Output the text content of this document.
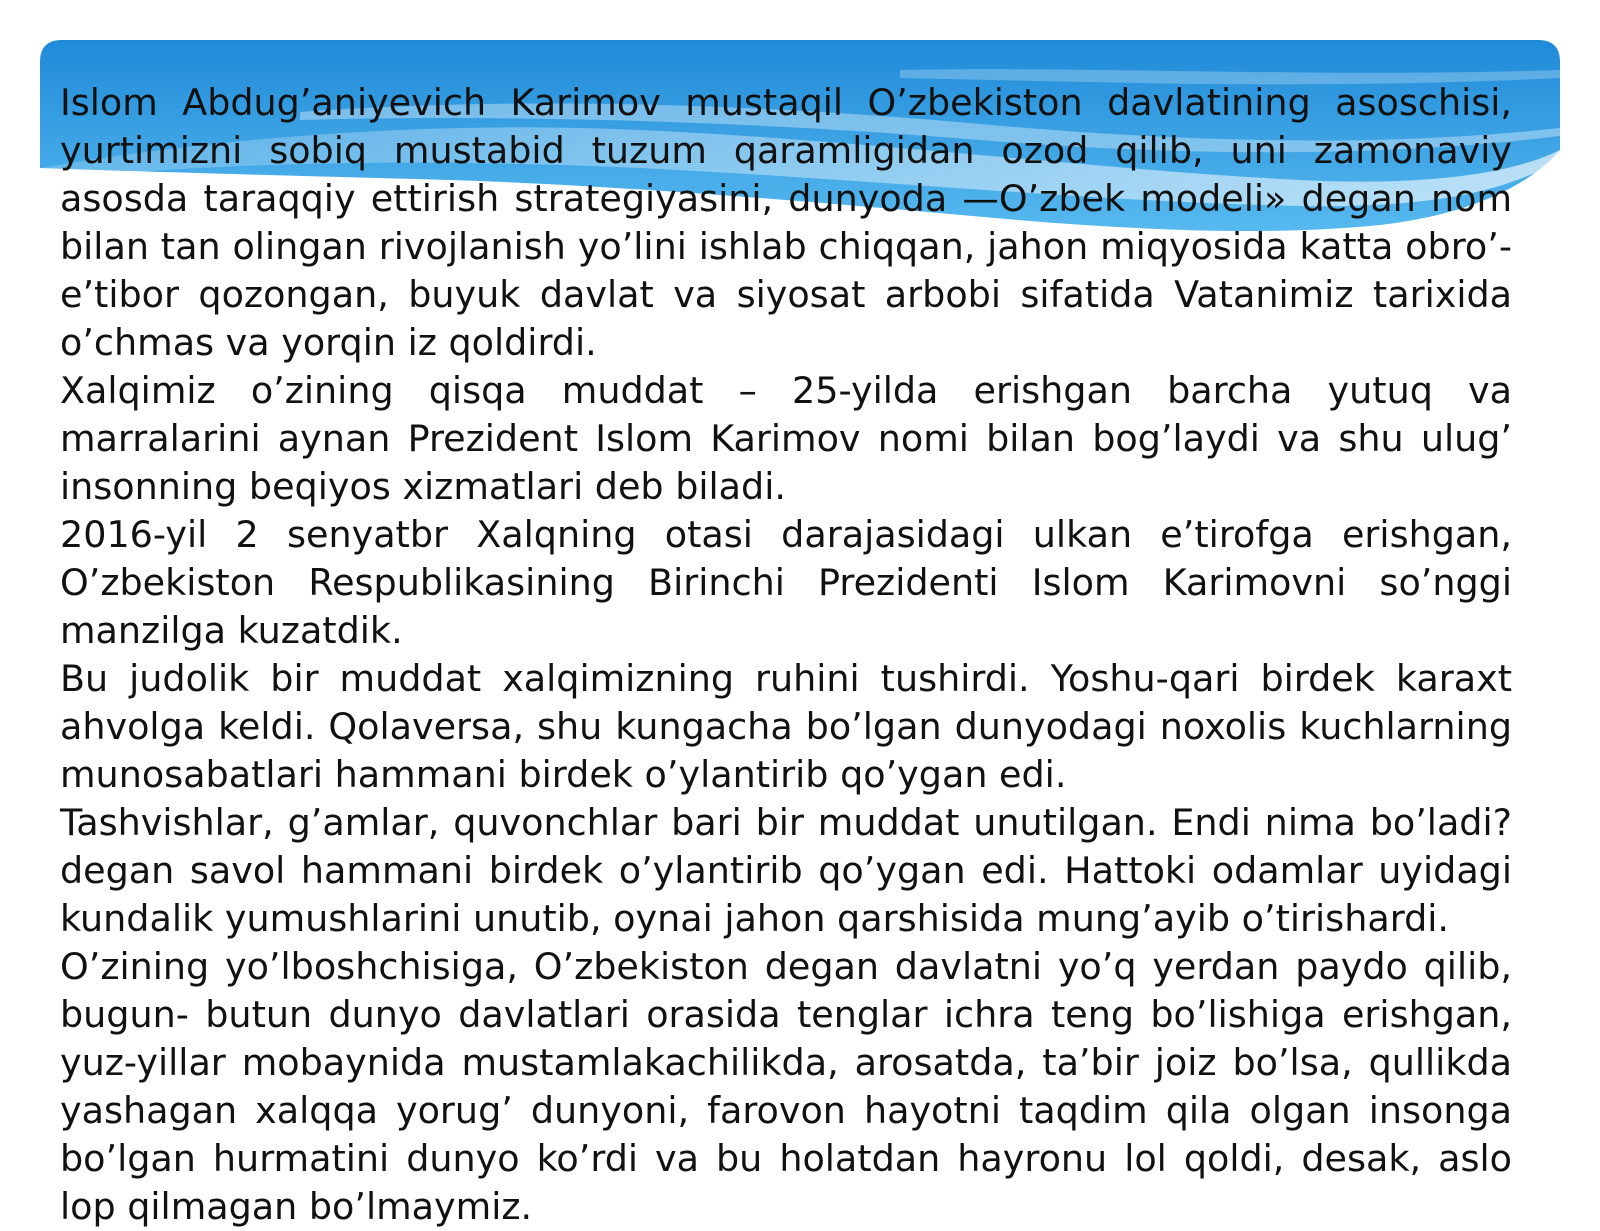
Islom Abdug’aniyevich Karimov mustaqil O’zbekiston davlatining asoschisi, yurtimizni sobiq mustabid tuzum qaramligidan ozod qilib, uni zamonaviy asosda taraqqiy ettirish strategiyasini, dunyoda —O’zbek modeli» degan nom bilan tan olingan rivojlanish yo’lini ishlab chiqqan, jahon miqyosida katta obro’-e’tibor qozongan, buyuk davlat va siyosat arbobi sifatida Vatanimiz tarixida o’chmas va yorqin iz qoldirdi.

Xalqimiz o’zining qisqa muddat – 25-yilda erishgan barcha yutuq va marralarini aynan Prezident Islom Karimov nomi bilan bog’laydi va shu ulug’ insonning beqiyos xizmatlari deb biladi.

2016-yil 2 senyatbr Xalqning otasi darajasidagi ulkan e’tirofga erishgan, O’zbekiston Respublikasining Birinchi Prezidenti Islom Karimovni so’nggi manzilga kuzatdik.

Bu judolik bir muddat xalqimizning ruhini tushirdi. Yoshu-qari birdek karaxt ahvolga keldi. Qolaversa, shu kungacha bo’lgan dunyodagi noxolis kuchlarning munosabatlari hammani birdek o’ylantirib qo’ygan edi.

Tashvishlar, g’amlar, quvonchlar bari bir muddat unutilgan. Endi nima bo’ladi? degan savol hammani birdek o’ylantirib qo’ygan edi. Hattoki odamlar uyidagi kundalik yumushlarini unutib, oynai jahon qarshisida mung’ayib o’tirishardi.

O’zining yo’lboshchisiga, O’zbekiston degan davlatni yo’q yerdan paydo qilib, bugun- butun dunyo davlatlari orasida tenglar ichra teng bo’lishiga erishgan, yuz-yillar mobaynida mustamlakachilikda, arosatda, ta’bir joiz bo’lsa, qullikda yashagan xalqqa yorug’ dunyoni, farovon hayotni taqdim qila olgan insonga bo’lgan hurmatini dunyo ko’rdi va bu holatdan hayronu lol qoldi, desak, aslo lop qilmagan bo’lmaymiz.
